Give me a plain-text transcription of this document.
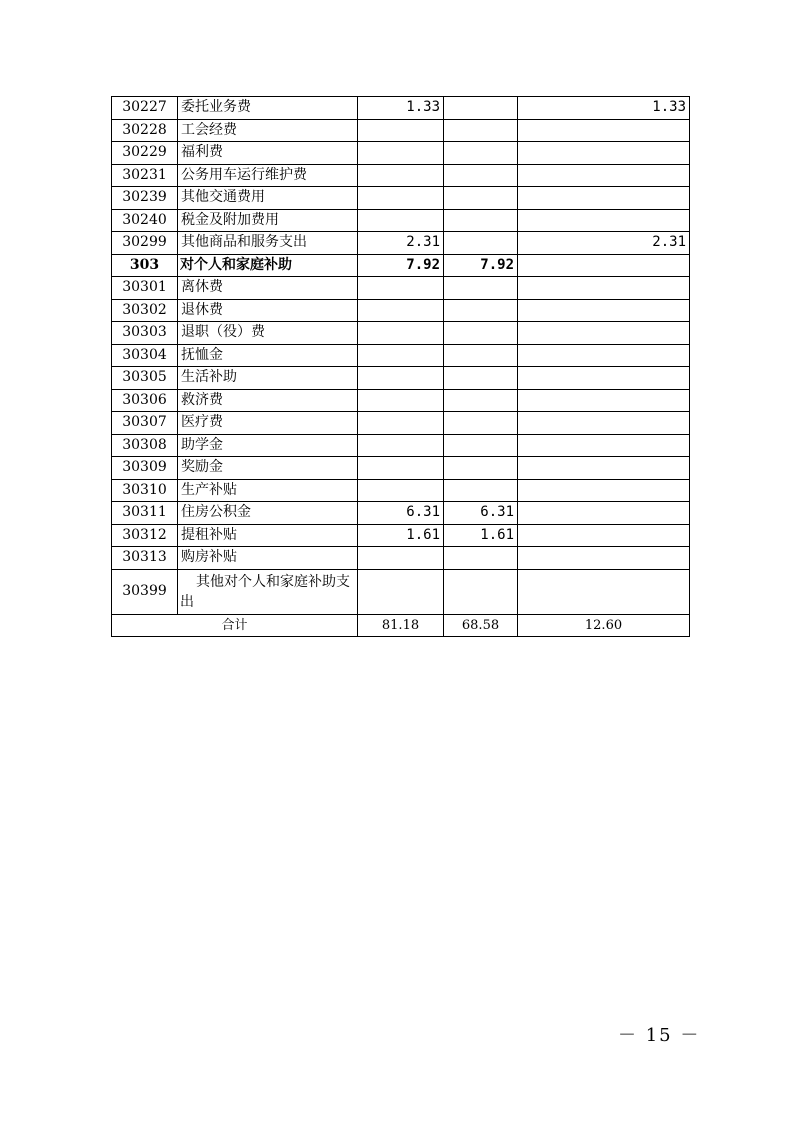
30227	委托业务费	1.33		1.33
30228	工会经费			
30229	福利费			
30231	公务用车运行维护费			
30239	其他交通费用			
30240	税金及附加费用			
30299	其他商品和服务支出	2.31		2.31
303	对个人和家庭补助	7.92	7.92	
30301	离休费			
30302	退休费			
30303	退职（役）费			
30304	抚恤金			
30305	生活补助			
30306	救济费			
30307	医疗费			
30308	助学金			
30309	奖励金			
30310	生产补贴			
30311	住房公积金	6.31	6.31	
30312	提租补贴	1.61	1.61	
30313	购房补贴			
30399	其他对个人和家庭补助支出			
合计		81.18	68.58	12.60
－ 15 －
